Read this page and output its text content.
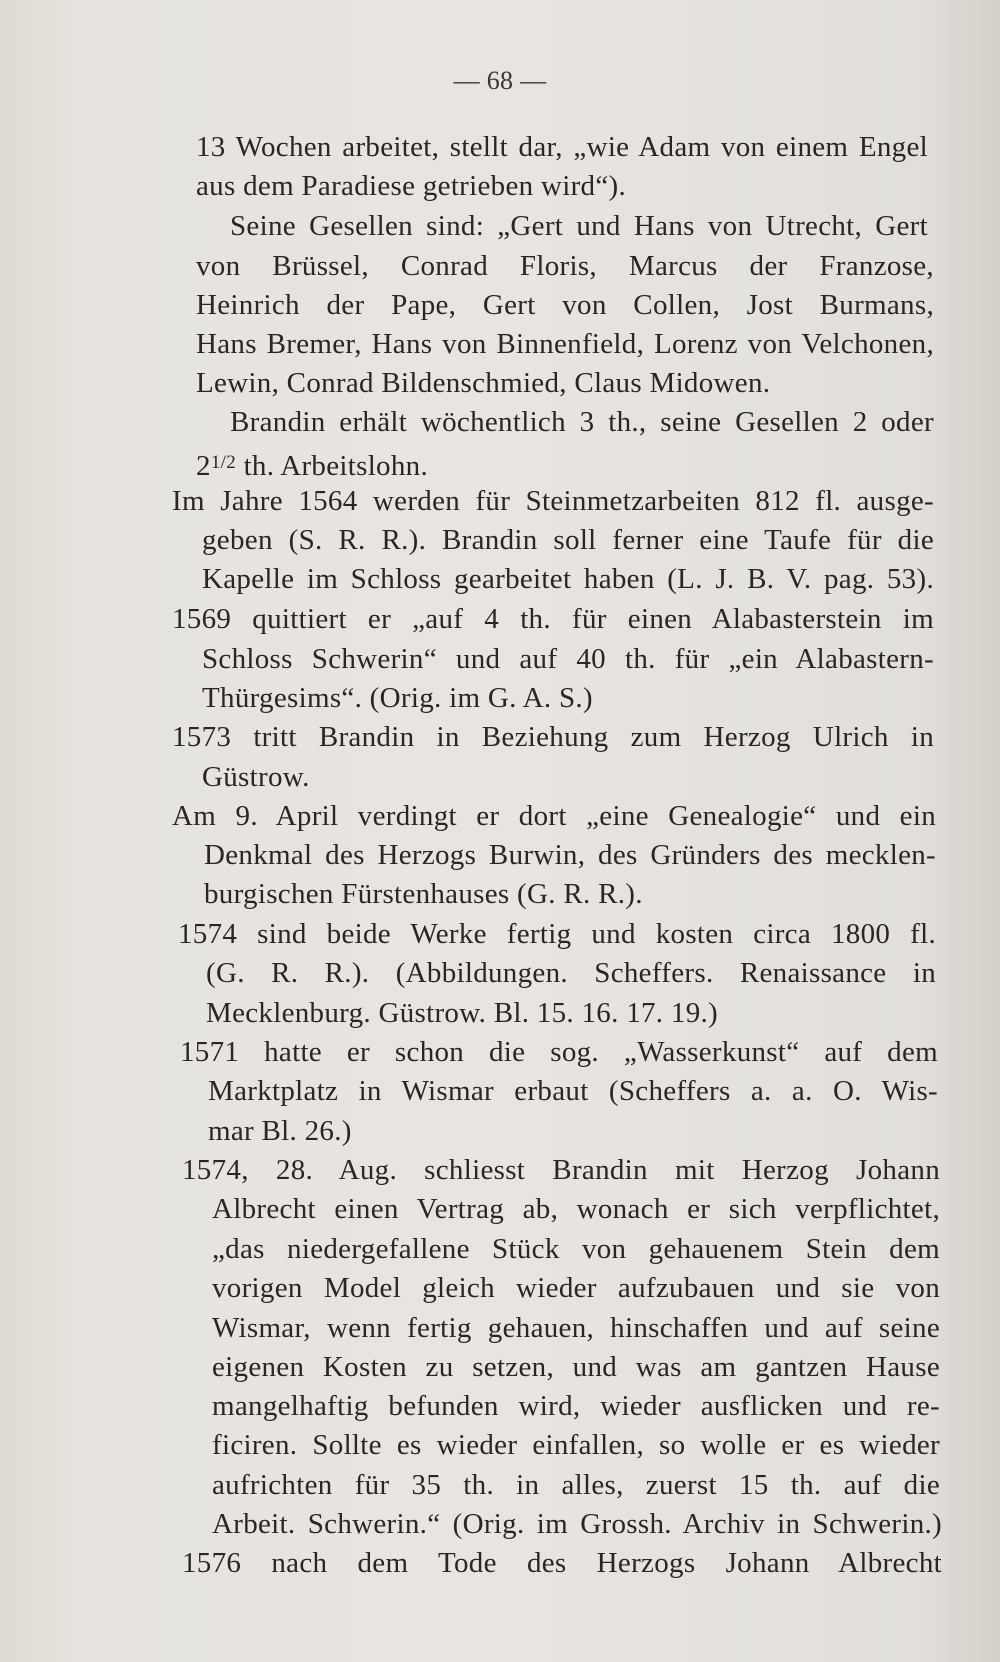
— 68 —
13 Wochen arbeitet, stellt dar, „wie Adam von einem Engel
aus dem Paradiese getrieben wird“).
Seine Gesellen sind: „Gert und Hans von Utrecht, Gert
von Brüssel, Conrad Floris, Marcus der Franzose,
Heinrich der Pape, Gert von Collen, Jost Burmans,
Hans Bremer, Hans von Binnenfield, Lorenz von Velchonen,
Lewin, Conrad Bildenschmied, Claus Midowen.
Brandin erhält wöchentlich 3 th., seine Gesellen 2 oder
$2^{1/2}$ th. Arbeitslohn.
Im Jahre 1564 werden für Steinmetzarbeiten 812 fl. ausge-
geben (S. R. R.). Brandin soll ferner eine Taufe für die
Kapelle im Schloss gearbeitet haben (L. J. B. V. pag. 53).
1569 quittiert er „auf 4 th. für einen Alabasterstein im
Schloss Schwerin“ und auf 40 th. für „ein Alabastern-
Thürgesims“. (Orig. im G. A. S.)
1573 tritt Brandin in Beziehung zum Herzog Ulrich in
Güstrow.
Am 9. April verdingt er dort „eine Genealogie“ und ein
Denkmal des Herzogs Burwin, des Gründers des mecklen-
burgischen Fürstenhauses (G. R. R.).
1574 sind beide Werke fertig und kosten circa 1800 fl.
(G. R. R.). (Abbildungen. Scheffers. Renaissance in
Mecklenburg. Güstrow. Bl. 15. 16. 17. 19.)
1571 hatte er schon die sog. „Wasserkunst“ auf dem
Marktplatz in Wismar erbaut (Scheffers a. a. O. Wis-
mar Bl. 26.)
1574, 28. Aug. schliesst Brandin mit Herzog Johann
Albrecht einen Vertrag ab, wonach er sich verpflichtet,
„das niedergefallene Stück von gehauenem Stein dem
vorigen Model gleich wieder aufzubauen und sie von
Wismar, wenn fertig gehauen, hinschaffen und auf seine
eigenen Kosten zu setzen, und was am gantzen Hause
mangelhaftig befunden wird, wieder ausflicken und re-
ficiren. Sollte es wieder einfallen, so wolle er es wieder
aufrichten für 35 th. in alles, zuerst 15 th. auf die
Arbeit. Schwerin.“ (Orig. im Grossh. Archiv in Schwerin.)
1576 nach dem Tode des Herzogs Johann Albrecht
